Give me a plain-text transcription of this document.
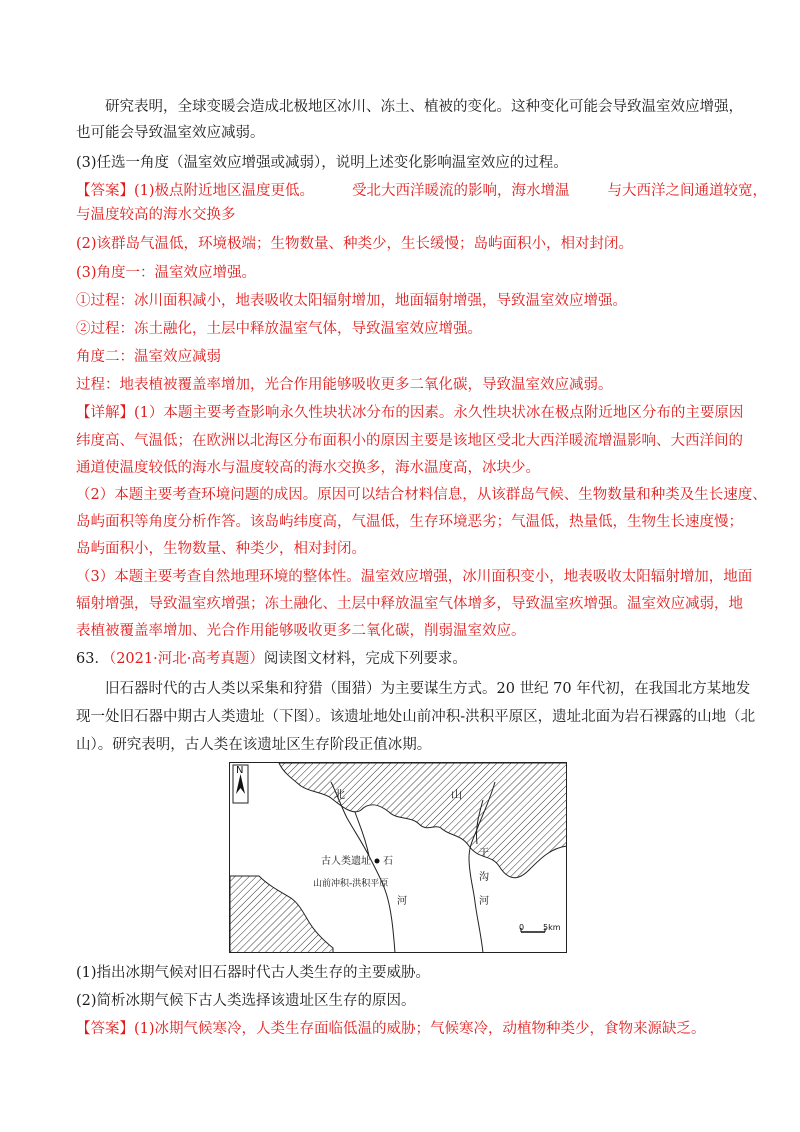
研究表明，全球变暖会造成北极地区冰川、冻土、植被的变化。这种变化可能会导致温室效应增强，
也可能会导致温室效应减弱。
(3)任选一角度（温室效应增强或减弱），说明上述变化影响温室效应的过程。
【答案】(1)极点附近地区温度更低。	受北大西洋暖流的影响，海水增温	与大西洋之间通道较宽，
与温度较高的海水交换多
(2)该群岛气温低，环境极端；生物数量、种类少，生长缓慢；岛屿面积小，相对封闭。
(3)角度一：温室效应增强。
①过程：冰川面积减小，地表吸收太阳辐射增加，地面辐射增强，导致温室效应增强。
②过程：冻土融化，土层中释放温室气体，导致温室效应增强。
角度二：温室效应减弱
过程：地表植被覆盖率增加，光合作用能够吸收更多二氧化碳，导致温室效应减弱。
【详解】(1）本题主要考查影响永久性块状冰分布的因素。永久性块状冰在极点附近地区分布的主要原因
纬度高、气温低；在欧洲以北海区分布面积小的原因主要是该地区受北大西洋暖流增温影响、大西洋间的
通道使温度较低的海水与温度较高的海水交换多，海水温度高，冰块少。
（2）本题主要考查环境问题的成因。原因可以结合材料信息，从该群岛气候、生物数量和种类及生长速度、
岛屿面积等角度分析作答。该岛屿纬度高，气温低，生存环境恶劣；气温低，热量低，生物生长速度慢；
岛屿面积小，生物数量、种类少，相对封闭。
（3）本题主要考查自然地理环境的整体性。温室效应增强，冰川面积变小，地表吸收太阳辐射增加，地面
辐射增强，导致温室疚增强；冻土融化、土层中释放温室气体增多，导致温室疚增强。温室效应减弱，地
表植被覆盖率增加、光合作用能够吸收更多二氧化碳，削弱温室效应。
63．（2021·河北·高考真题）阅读图文材料，完成下列要求。
旧石器时代的古人类以采集和狩猎（围猎）为主要谋生方式。20 世纪 70 年代初，在我国北方某地发
现一处旧石器中期古人类遗址（下图）。该遗址地处山前冲积-洪积平原区，遗址北面为岩石裸露的山地（北
山）。研究表明，古人类在该遗址区生存阶段正值冰期。
N
北	山
古人类遗址 石
河
干
沟
河
山前冲积-洪积平原
0 5km
(1)指出冰期气候对旧石器时代古人类生存的主要威胁。
(2)简析冰期气候下古人类选择该遗址区生存的原因。
【答案】(1)冰期气候寒冷，人类生存面临低温的威胁；气候寒冷，动植物种类少，食物来源缺乏。
